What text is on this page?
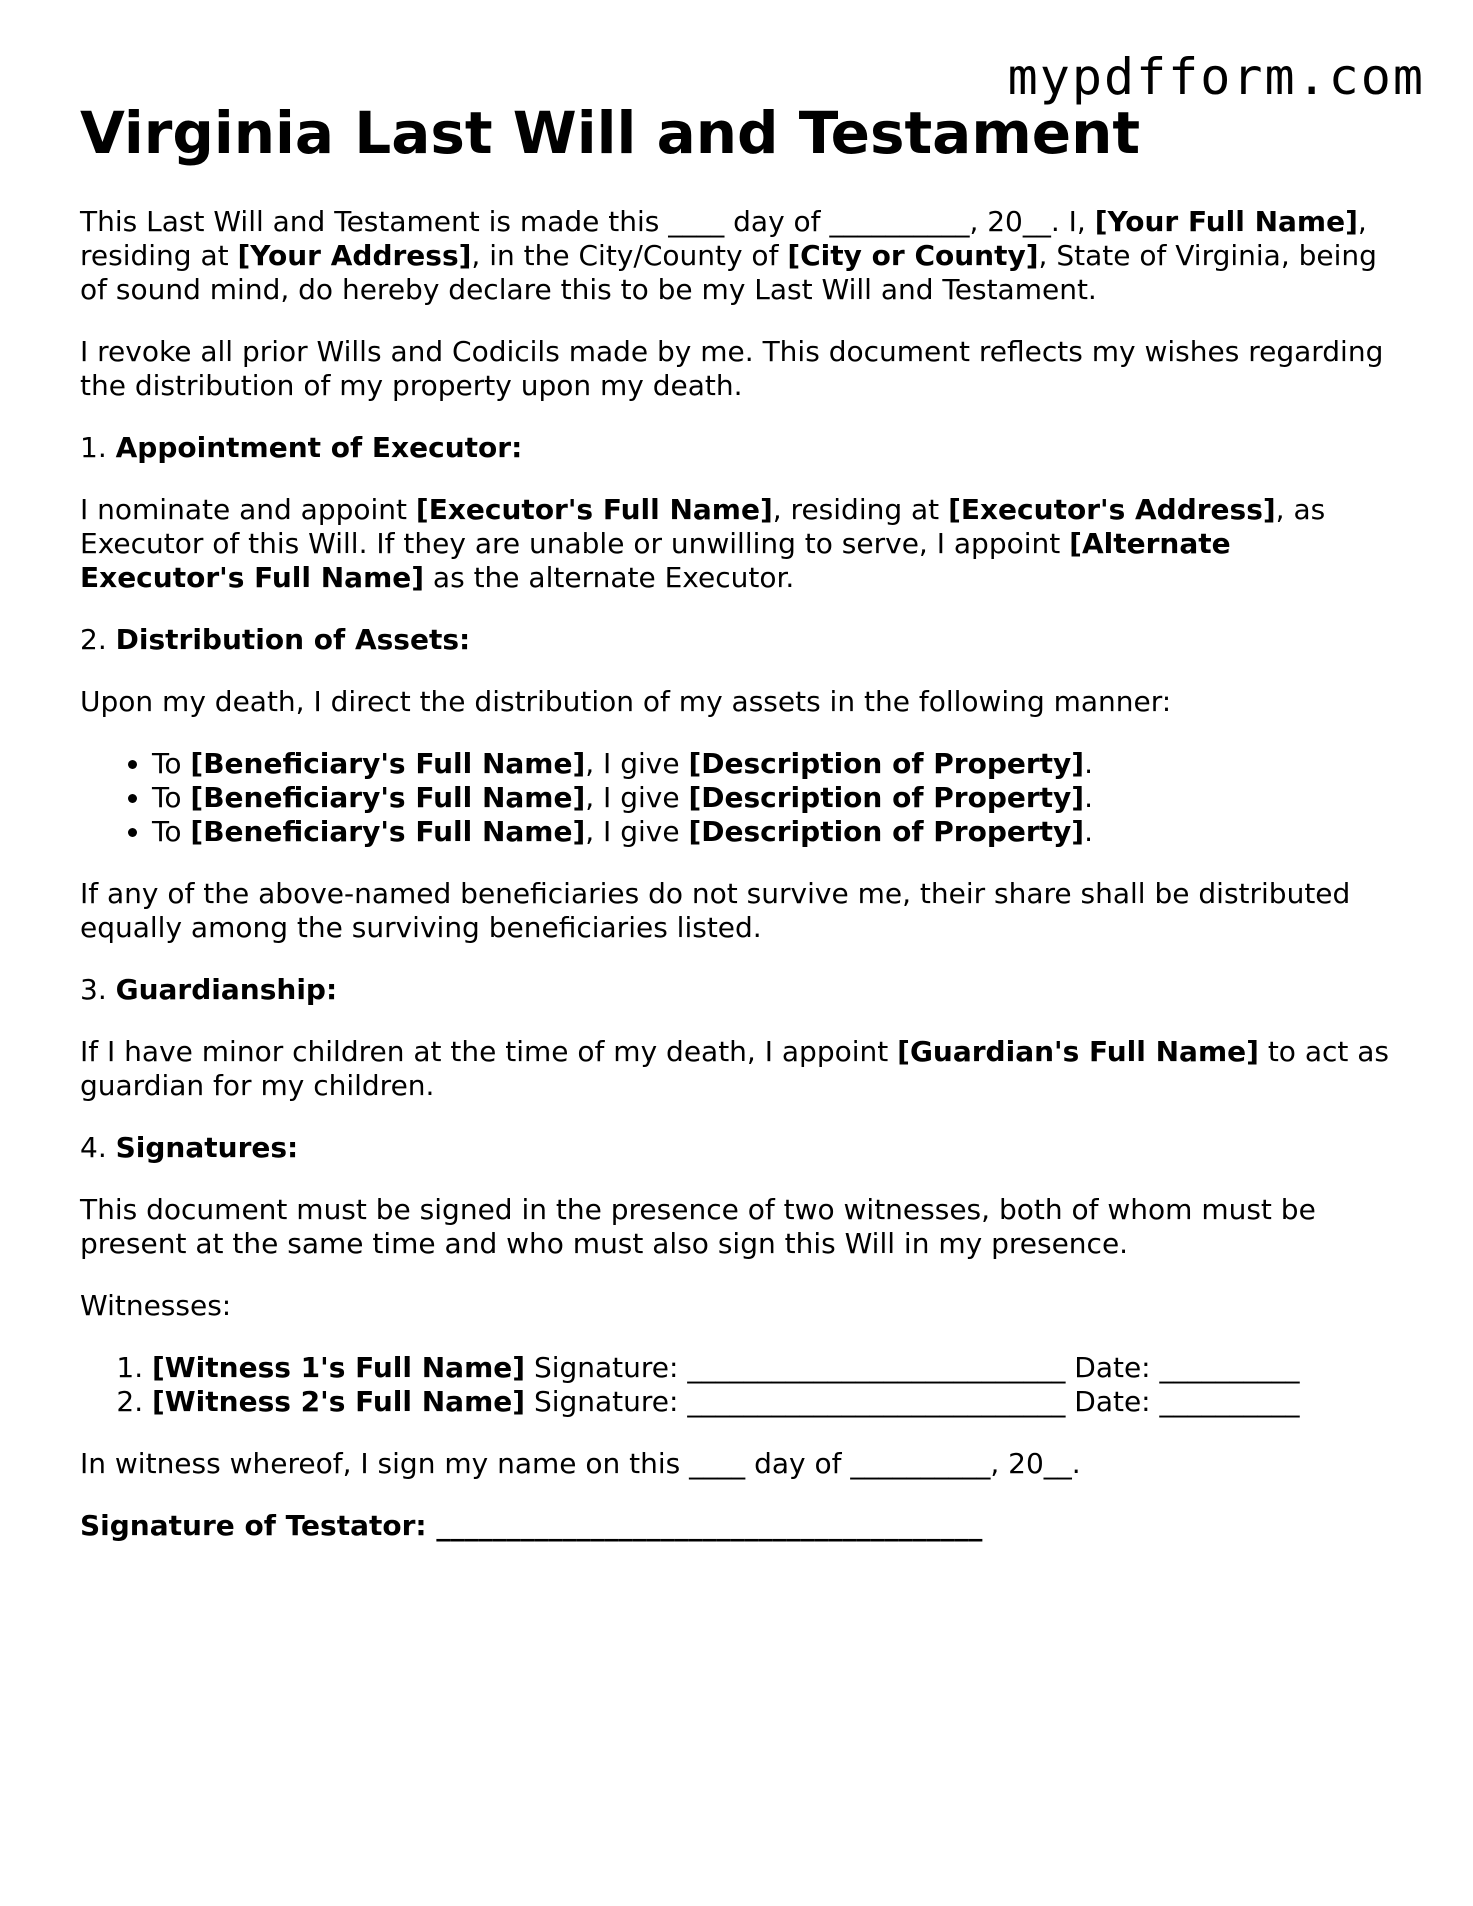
mypdfform.com
Virginia Last Will and Testament

This Last Will and Testament is made this ____ day of __________, 20__. I, [Your Full Name], residing at [Your Address], in the City/County of [City or County], State of Virginia, being of sound mind, do hereby declare this to be my Last Will and Testament.

I revoke all prior Wills and Codicils made by me. This document reflects my wishes regarding the distribution of my property upon my death.

1. Appointment of Executor:

I nominate and appoint [Executor's Full Name], residing at [Executor's Address], as Executor of this Will. If they are unable or unwilling to serve, I appoint [Alternate Executor's Full Name] as the alternate Executor.

2. Distribution of Assets:

Upon my death, I direct the distribution of my assets in the following manner:

• To [Beneficiary's Full Name], I give [Description of Property].
• To [Beneficiary's Full Name], I give [Description of Property].
• To [Beneficiary's Full Name], I give [Description of Property].

If any of the above-named beneficiaries do not survive me, their share shall be distributed equally among the surviving beneficiaries listed.

3. Guardianship:

If I have minor children at the time of my death, I appoint [Guardian's Full Name] to act as guardian for my children.

4. Signatures:

This document must be signed in the presence of two witnesses, both of whom must be present at the same time and who must also sign this Will in my presence.

Witnesses:

1. [Witness 1's Full Name] Signature: ___________________________ Date: __________
2. [Witness 2's Full Name] Signature: ___________________________ Date: __________

In witness whereof, I sign my name on this ____ day of __________, 20__.

Signature of Testator: _______________________________________
